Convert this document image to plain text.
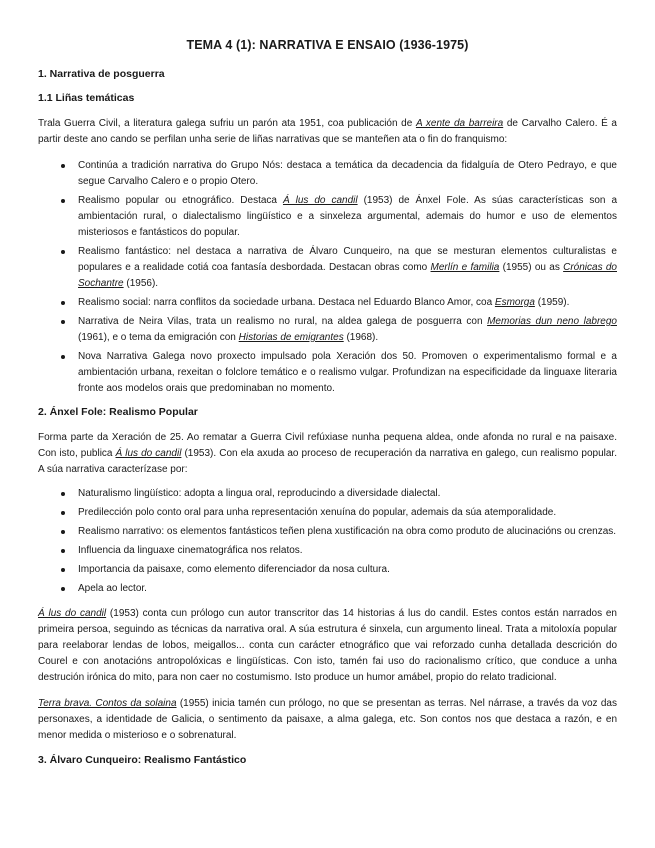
TEMA 4 (1): NARRATIVA E ENSAIO (1936-1975)
1. Narrativa de posguerra
1.1 Liñas temáticas

Trala Guerra Civil, a literatura galega sufriu un parón ata 1951, coa publicación de A xente da barreira de Carvalho Calero. É a partir deste ano cando se perfilan unha serie de liñas narrativas que se manteñen ata o fin do franquismo:

Continúa a tradición narrativa do Grupo Nós: destaca a temática da decadencia da fidalguía de Otero Pedrayo, e que segue Carvalho Calero e o propio Otero.
Realismo popular ou etnográfico. Destaca Á lus do candil (1953) de Ánxel Fole. As súas características son a ambientación rural, o dialectalismo lingüístico e a sinxeleza argumental, ademais do humor e uso de elementos misteriosos e fantásticos do popular.
Realismo fantástico: nel destaca a narrativa de Álvaro Cunqueiro, na que se mesturan elementos culturalistas e populares e a realidade cotiá coa fantasía desbordada. Destacan obras como Merlín e familia (1955) ou as Crónicas do Sochantre (1956).
Realismo social: narra conflitos da sociedade urbana. Destaca nel Eduardo Blanco Amor, coa Esmorga (1959).
Narrativa de Neira Vilas, trata un realismo no rural, na aldea galega de posguerra con Memorias dun neno labrego (1961), e o tema da emigración con Historias de emigrantes (1968).
Nova Narrativa Galega novo proxecto impulsado pola Xeración dos 50. Promoven o experimentalismo formal e a ambientación urbana, rexeitan o folclore temático e o realismo vulgar. Profundizan na especificidade da linguaxe literaria fronte aos modelos orais que predominaban no momento.
2. Ánxel Fole: Realismo Popular

Forma parte da Xeración de 25. Ao rematar a Guerra Civil refúxiase nunha pequena aldea, onde afonda no rural e na paisaxe. Con isto, publica Á lus do candil (1953). Con ela axuda ao proceso de recuperación da narrativa en galego, cun realismo popular. A súa narrativa caracterízase por:

Naturalismo lingüístico: adopta a lingua oral, reproducindo a diversidade dialectal.
Predilección polo conto oral para unha representación xenuína do popular, ademais da súa atemporalidade.
Realismo narrativo: os elementos fantásticos teñen plena xustificación na obra como produto de alucinacións ou crenzas.
Influencia da linguaxe cinematográfica nos relatos.
Importancia da paisaxe, como elemento diferenciador da nosa cultura.
Apela ao lector.

Á lus do candil (1953) conta cun prólogo cun autor transcritor das 14 historias á lus do candil. Estes contos están narrados en primeira persoa, seguindo as técnicas da narrativa oral. A súa estrutura é sinxela, cun argumento lineal. Trata a mitoloxía popular para reelaborar lendas de lobos, meigallos... conta cun carácter etnográfico que vai reforzado cunha detallada descrición do Courel e con anotacións antropolóxicas e lingüísticas. Con isto, tamén fai uso do racionalismo crítico, que conduce a unha destrución irónica do mito, para non caer no costumismo. Isto produce un humor amábel, propio do relato tradicional.

Terra brava. Contos da solaina (1955) inicia tamén cun prólogo, no que se presentan as terras. Nel nárrase, a través da voz das personaxes, a identidade de Galicia, o sentimento da paisaxe, a alma galega, etc. Son contos nos que destaca a razón, e en menor medida o misterioso e o sobrenatural.

3. Álvaro Cunqueiro: Realismo Fantástico
